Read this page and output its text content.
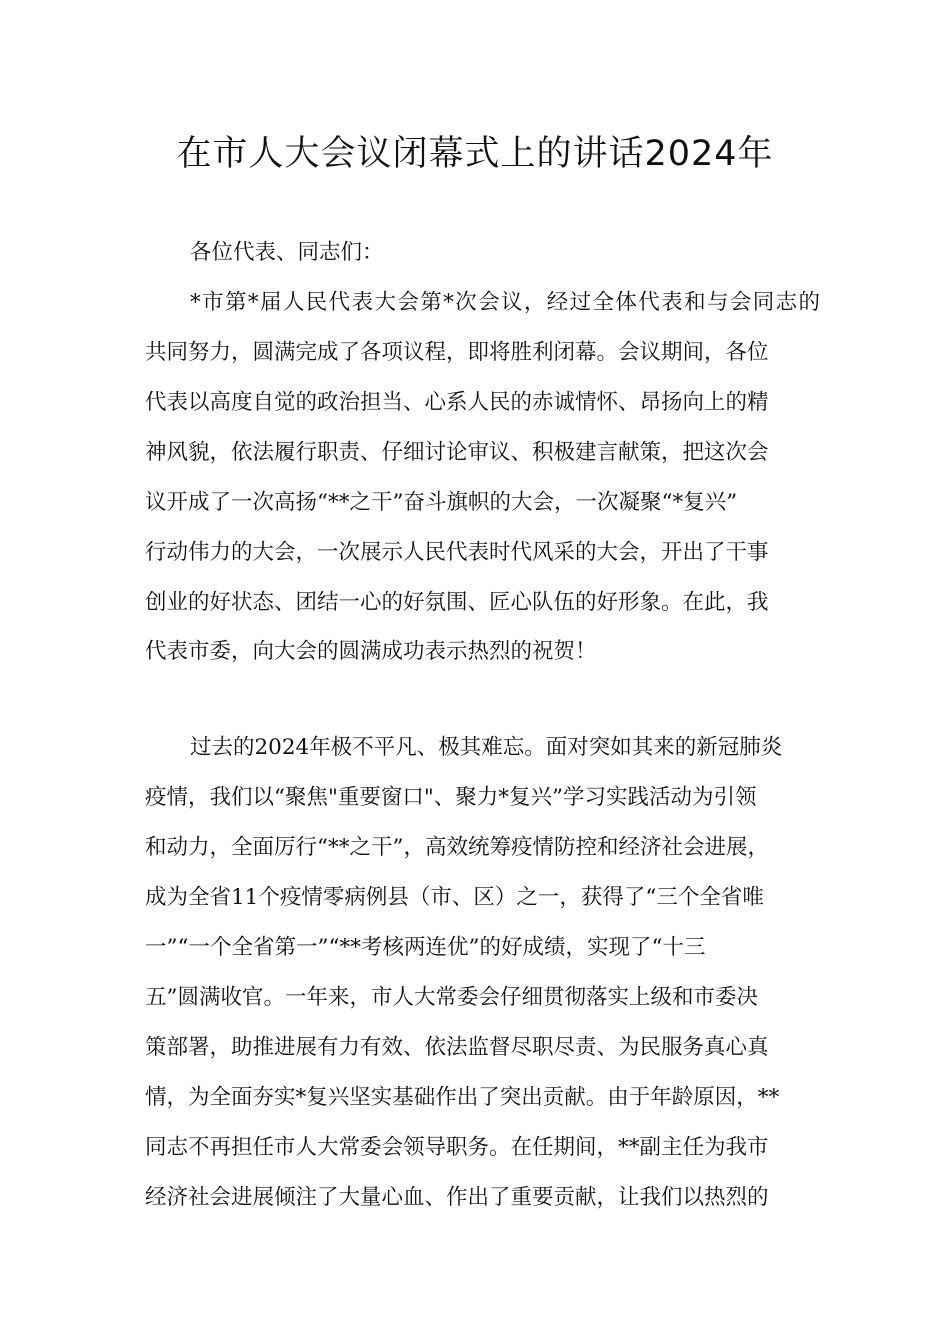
在市人大会议闭幕式上的讲话2024年
各位代表、同志们：
*市第*届人民代表大会第*次会议，经过全体代表和与会同志的
共同努力，圆满完成了各项议程，即将胜利闭幕。会议期间，各位
代表以高度自觉的政治担当、心系人民的赤诚情怀、昂扬向上的精
神风貌，依法履行职责、仔细讨论审议、积极建言献策，把这次会
议开成了一次高扬“**之干”奋斗旗帜的大会，一次凝聚“*复兴”
行动伟力的大会，一次展示人民代表时代风采的大会，开出了干事
创业的好状态、团结一心的好氛围、匠心队伍的好形象。在此，我
代表市委，向大会的圆满成功表示热烈的祝贺！
过去的2024年极不平凡、极其难忘。面对突如其来的新冠肺炎
疫情，我们以“聚焦"重要窗口"、聚力*复兴”学习实践活动为引领
和动力，全面厉行“**之干”，高效统筹疫情防控和经济社会进展，
成为全省11个疫情零病例县（市、区）之一，获得了“三个全省唯
一”“一个全省第一”“**考核两连优”的好成绩，实现了“十三
五”圆满收官。一年来，市人大常委会仔细贯彻落实上级和市委决
策部署，助推进展有力有效、依法监督尽职尽责、为民服务真心真
情，为全面夯实*复兴坚实基础作出了突出贡献。由于年龄原因，**
同志不再担任市人大常委会领导职务。在任期间，**副主任为我市
经济社会进展倾注了大量心血、作出了重要贡献，让我们以热烈的
